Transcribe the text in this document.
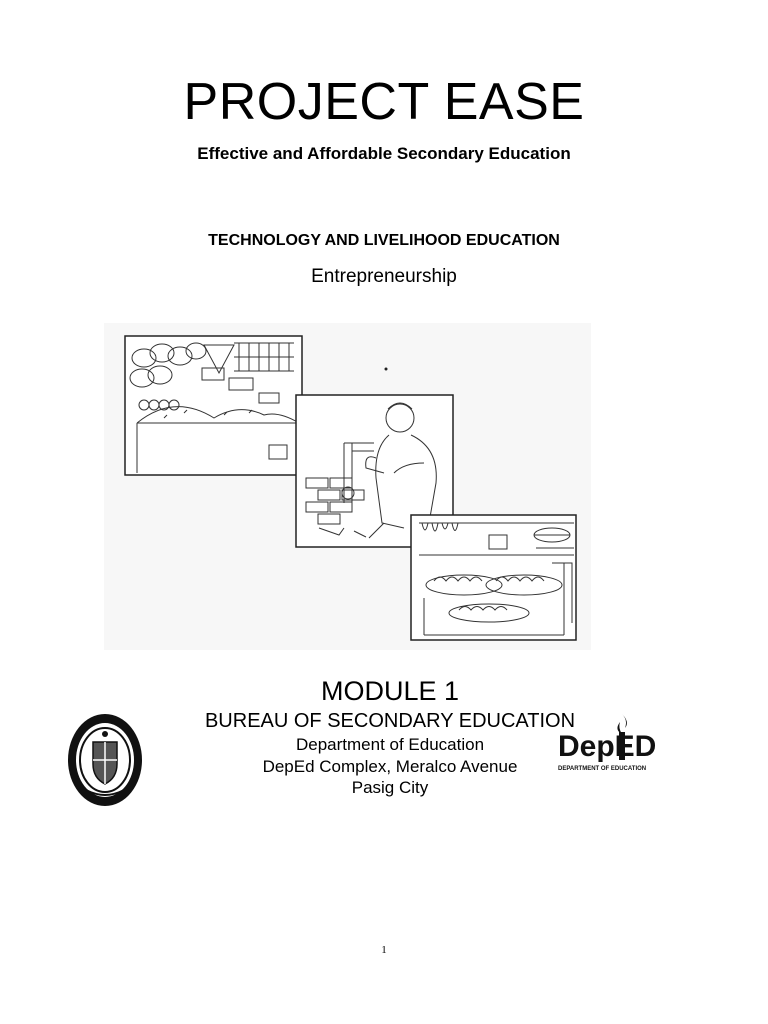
PROJECT EASE
Effective and Affordable Secondary Education
TECHNOLOGY AND LIVELIHOOD EDUCATION
Entrepreneurship
MODULE 1
BUREAU OF SECONDARY EDUCATION
Department of Education
DepEd Complex, Meralco Avenue
Pasig City
DepED
DEPARTMENT OF EDUCATION
1
